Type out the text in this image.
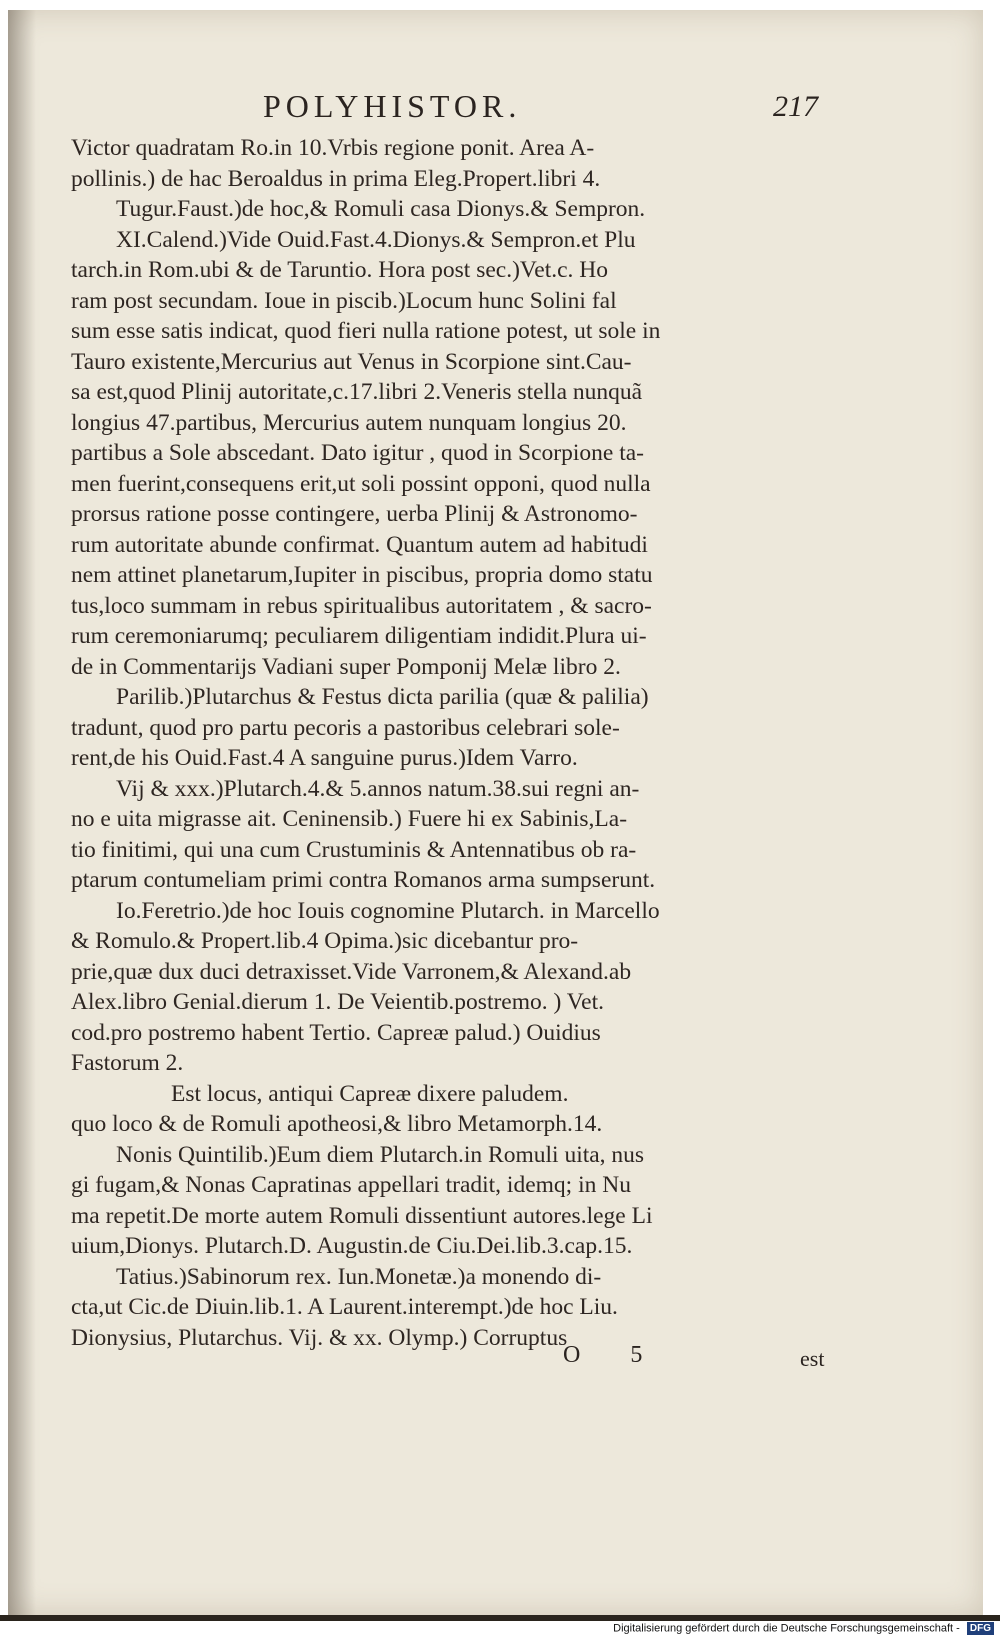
POLYHISTOR.	217
Victor quadratam Ro.in 10.Vrbis regione ponit. Area A-
pollinis.) de hac Beroaldus in prima Eleg.Propert.libri 4.
Tugur.Faust.)de hoc,& Romuli casa Dionys.& Sempron.
XI.Calend.)Vide Ouid.Fast.4.Dionys.& Sempron.et Plu
tarch.in Rom.ubi & de Taruntio. Hora post sec.)Vet.c. Ho
ram post secundam. Ioue in piscib.)Locum hunc Solini fal
sum esse satis indicat, quod fieri nulla ratione potest, ut sole in
Tauro existente,Mercurius aut Venus in Scorpione sint.Cau-
sa est,quod Plinij autoritate,c.17.libri 2.Veneris stella nunquã
longius 47.partibus, Mercurius autem nunquam longius 20.
partibus a Sole abscedant. Dato igitur , quod in Scorpione ta-
men fuerint,consequens erit,ut soli possint opponi, quod nulla
prorsus ratione posse contingere, uerba Plinij & Astronomo-
rum autoritate abunde confirmat. Quantum autem ad habitudi
nem attinet planetarum,Iupiter in piscibus, propria domo statu
tus,loco summam in rebus spiritualibus autoritatem , & sacro-
rum ceremoniarumq; peculiarem diligentiam indidit.Plura ui-
de in Commentarijs Vadiani super Pomponij Melæ libro 2.
Parilib.)Plutarchus & Festus dicta parilia (quæ & palilia)
tradunt, quod pro partu pecoris a pastoribus celebrari sole-
rent,de his Ouid.Fast.4 A sanguine purus.)Idem Varro.
Vij & xxx.)Plutarch.4.& 5.annos natum.38.sui regni an-
no e uita migrasse ait. Ceninensib.) Fuere hi ex Sabinis,La-
tio finitimi, qui una cum Crustuminis & Antennatibus ob ra-
ptarum contumeliam primi contra Romanos arma sumpserunt.
Io.Feretrio.)de hoc Iouis cognomine Plutarch. in Marcello
& Romulo.& Propert.lib.4 Opima.)sic dicebantur pro-
prie,quæ dux duci detraxisset.Vide Varronem,& Alexand.ab
Alex.libro Genial.dierum 1. De Veientib.postremo. ) Vet.
cod.pro postremo habent Tertio. Capreæ palud.) Ouidius
Fastorum 2.
Est locus, antiqui Capreæ dixere paludem.
quo loco & de Romuli apotheosi,& libro Metamorph.14.
Nonis Quintilib.)Eum diem Plutarch.in Romuli uita, nus
gi fugam,& Nonas Capratinas appellari tradit, idemq; in Nu
ma repetit.De morte autem Romuli dissentiunt autores.lege Li
uium,Dionys. Plutarch.D. Augustin.de Ciu.Dei.lib.3.cap.15.
Tatius.)Sabinorum rex. Iun.Monetæ.)a monendo di-
cta,ut Cic.de Diuin.lib.1. A Laurent.interempt.)de hoc Liu.
Dionysius, Plutarchus. Vij. & xx. Olymp.) Corruptus
O 5	est
Digitalisierung gefördert durch die Deutsche Forschungsgemeinschaft - DFG
